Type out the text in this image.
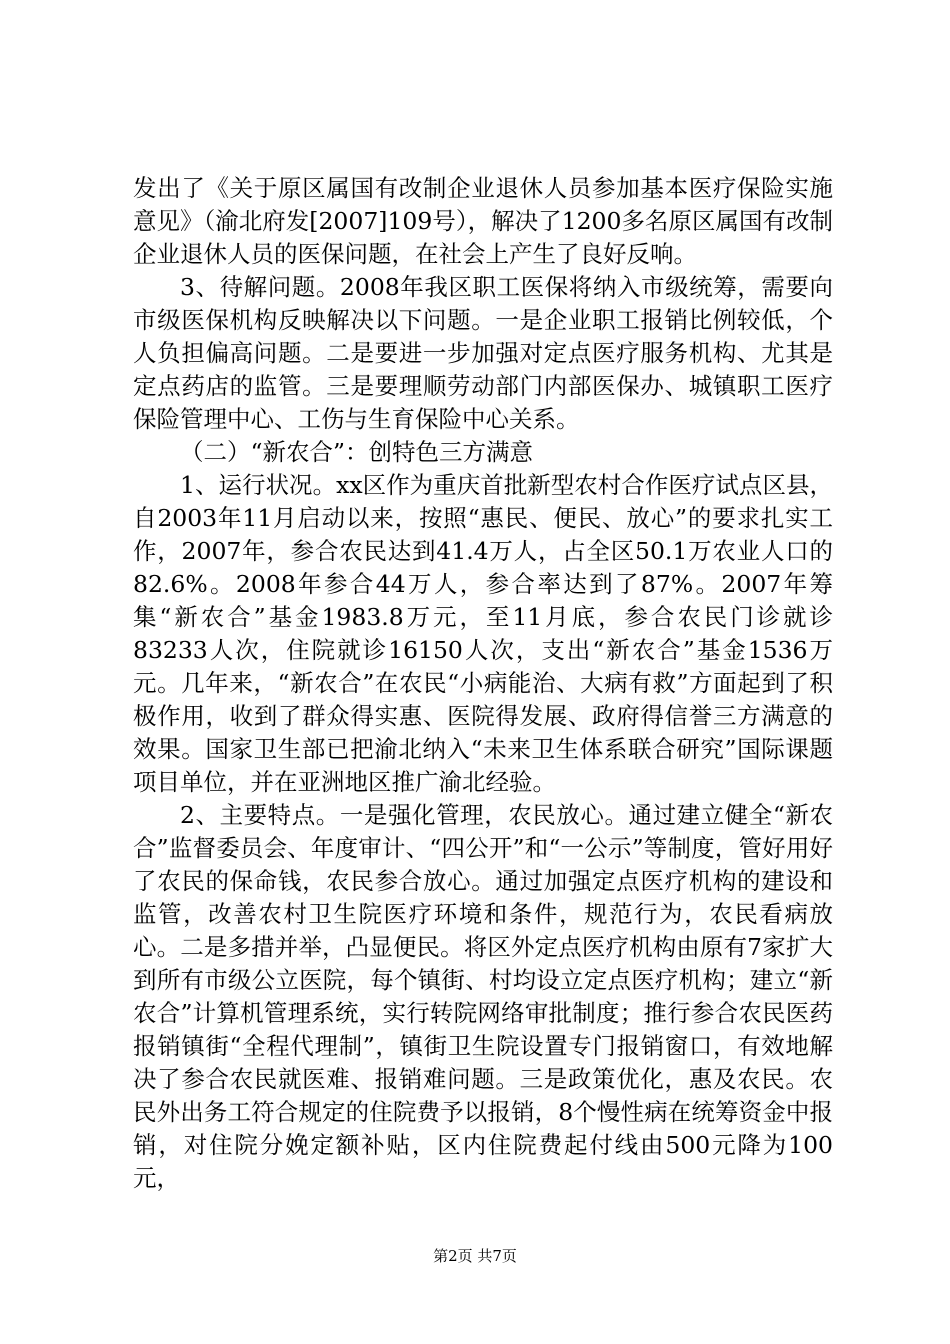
发出了《关于原区属国有改制企业退休人员参加基本医疗保险实施意见》（渝北府发[2007]109号），解决了1200多名原区属国有改制企业退休人员的医保问题，在社会上产生了良好反响。

3、待解问题。2008年我区职工医保将纳入市级统筹，需要向市级医保机构反映解决以下问题。一是企业职工报销比例较低，个人负担偏高问题。二是要进一步加强对定点医疗服务机构、尤其是定点药店的监管。三是要理顺劳动部门内部医保办、城镇职工医疗保险管理中心、工伤与生育保险中心关系。

（二）“新农合”：创特色三方满意

1、运行状况。xx区作为重庆首批新型农村合作医疗试点区县，自2003年11月启动以来，按照“惠民、便民、放心”的要求扎实工作，2007年，参合农民达到41.4万人，占全区50.1万农业人口的82.6%。2008年参合44万人，参合率达到了87%。2007年筹集“新农合”基金1983.8万元，至11月底，参合农民门诊就诊83233人次，住院就诊16150人次，支出“新农合”基金1536万元。几年来，“新农合”在农民“小病能治、大病有救”方面起到了积极作用，收到了群众得实惠、医院得发展、政府得信誉三方满意的效果。国家卫生部已把渝北纳入“未来卫生体系联合研究”国际课题项目单位，并在亚洲地区推广渝北经验。

2、主要特点。一是强化管理，农民放心。通过建立健全“新农合”监督委员会、年度审计、“四公开”和“一公示”等制度，管好用好了农民的保命钱，农民参合放心。通过加强定点医疗机构的建设和监管，改善农村卫生院医疗环境和条件，规范行为，农民看病放心。二是多措并举，凸显便民。将区外定点医疗机构由原有7家扩大到所有市级公立医院，每个镇街、村均设立定点医疗机构；建立“新农合”计算机管理系统，实行转院网络审批制度；推行参合农民医药报销镇街“全程代理制”，镇街卫生院设置专门报销窗口，有效地解决了参合农民就医难、报销难问题。三是政策优化，惠及农民。农民外出务工符合规定的住院费予以报销，8个慢性病在统筹资金中报销，对住院分娩定额补贴，区内住院费起付线由500元降为100元，

第2页 共7页
